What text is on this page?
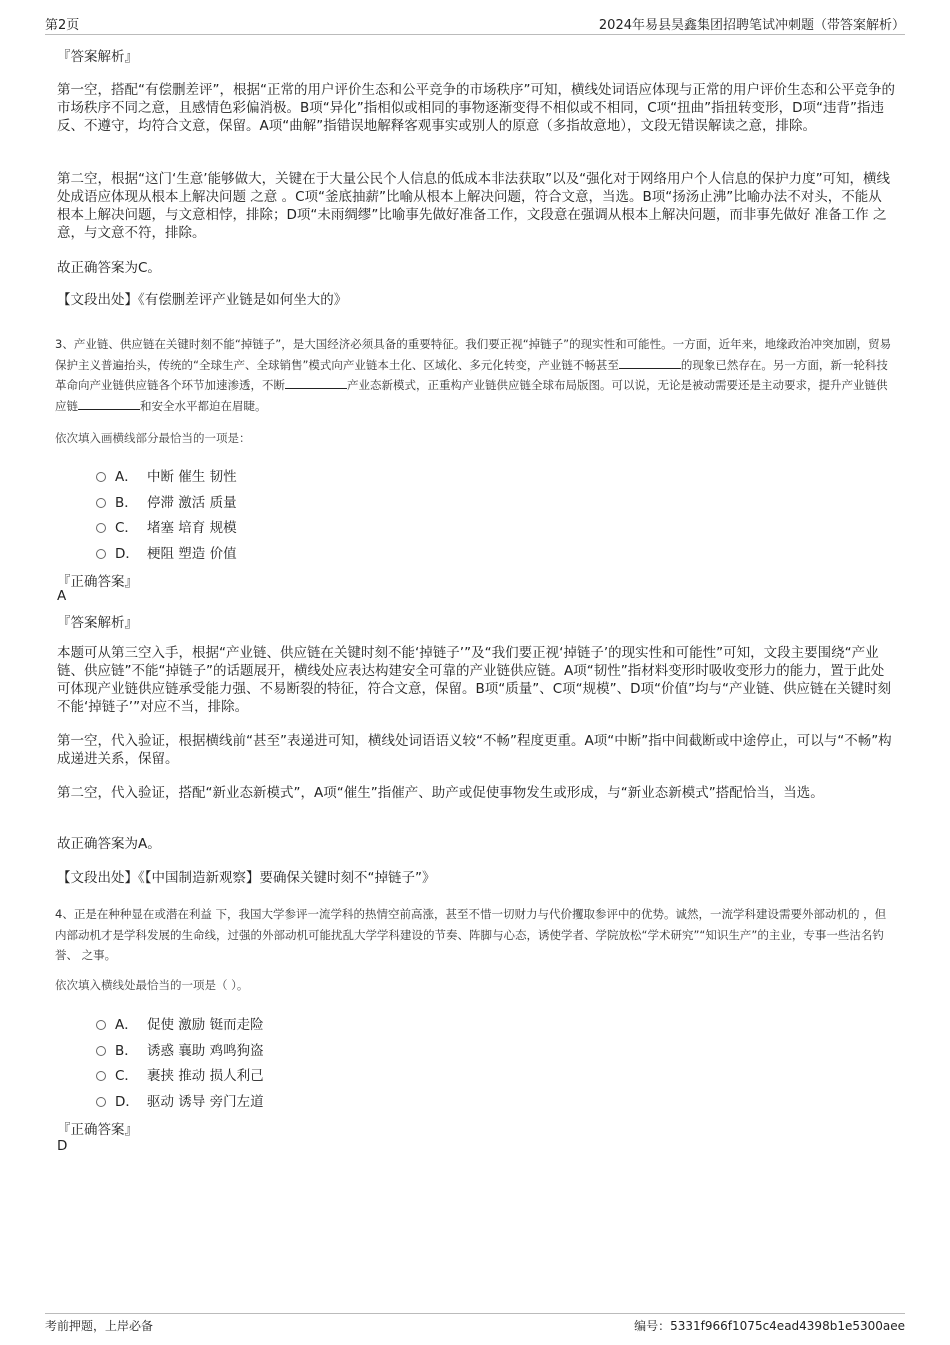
第2页	2024年易县昊鑫集团招聘笔试冲刺题（带答案解析）
『答案解析』

第一空，搭配“有偿删差评”，根据“正常的用户评价生态和公平竞争的市场秩序”可知，横线处词语应体现与正常的用户评价生态和公平竞争的市场秩序不同之意，且感情色彩偏消极。B项“异化”指相似或相同的事物逐渐变得不相似或不相同，C项“扭曲”指扭转变形，D项“违背”指违反、不遵守，均符合文意，保留。A项“曲解”指错误地解释客观事实或别人的原意（多指故意地），文段无错误解读之意，排除。

第二空，根据“这门‘生意’能够做大，关键在于大量公民个人信息的低成本非法获取”以及“强化对于网络用户个人信息的保护力度”可知，横线处成语应体现从根本上解决问题 之意 。C项“釜底抽薪”比喻从根本上解决问题，符合文意，当选。B项“扬汤止沸”比喻办法不对头，不能从根本上解决问题，与文意相悖，排除；D项“未雨绸缪”比喻事先做好准备工作，文段意在强调从根本上解决问题，而非事先做好 准备工作 之意，与文意不符，排除。

故正确答案为C。
【文段出处】《有偿删差评产业链是如何坐大的》

3、产业链、供应链在关键时刻不能“掉链子”，是大国经济必须具备的重要特征。我们要正视“掉链子”的现实性和可能性。一方面，近年来，地缘政治冲突加剧，贸易保护主义普遍抬头，传统的“全球生产、全球销售”模式向产业链本土化、区域化、多元化转变，产业链不畅甚至	的现象已然存在。另一方面，新一轮科技革命向产业链供应链各个环节加速渗透，不断	产业态新模式，正重构产业链供应链全球布局版图。可以说，无论是被动需要还是主动要求，提升产业链供应链	和安全水平都迫在眉睫。

依次填入画横线部分最恰当的一项是：
A． 中断 催生 韧性
B． 停滞 激活 质量
C． 堵塞 培育 规模
D． 梗阻 塑造 价值
『正确答案』
A
『答案解析』

本题可从第三空入手，根据“产业链、供应链在关键时刻不能‘掉链子’”及“我们要正视‘掉链子’的现实性和可能性”可知，文段主要围绕“产业链、供应链”不能“掉链子”的话题展开，横线处应表达构建安全可靠的产业链供应链。A项“韧性”指材料变形时吸收变形力的能力，置于此处可体现产业链供应链承受能力强、不易断裂的特征，符合文意，保留。B项“质量”、C项“规模”、D项“价值”均与“产业链、供应链在关键时刻不能‘掉链子’”对应不当，排除。

第一空，代入验证，根据横线前“甚至”表递进可知，横线处词语语义较“不畅”程度更重。A项“中断”指中间截断或中途停止，可以与“不畅”构成递进关系，保留。

第二空，代入验证，搭配“新业态新模式”，A项“催生”指催产、助产或促使事物发生或形成，与“新业态新模式”搭配恰当，当选。

故正确答案为A。
【文段出处】《【中国制造新观察】要确保关键时刻不“掉链子”》

4、正是在种种显在或潜在利益 下，我国大学参评一流学科的热情空前高涨，甚至不惜一切财力与代价攫取参评中的优势。诚然，一流学科建设需要外部动机的 ，但内部动机才是学科发展的生命线，过强的外部动机可能扰乱大学学科建设的节奏、阵脚与心态，诱使学者、学院放松“学术研究”“知识生产”的主业，专事一些沽名钓誉、 之事。

依次填入横线处最恰当的一项是（ ）。
A． 促使 激励 铤而走险
B． 诱惑 襄助 鸡鸣狗盗
C． 裹挟 推动 损人利己
D． 驱动 诱导 旁门左道
『正确答案』
D
考前押题，上岸必备	编号：5331f966f1075c4ead4398b1e5300aee
